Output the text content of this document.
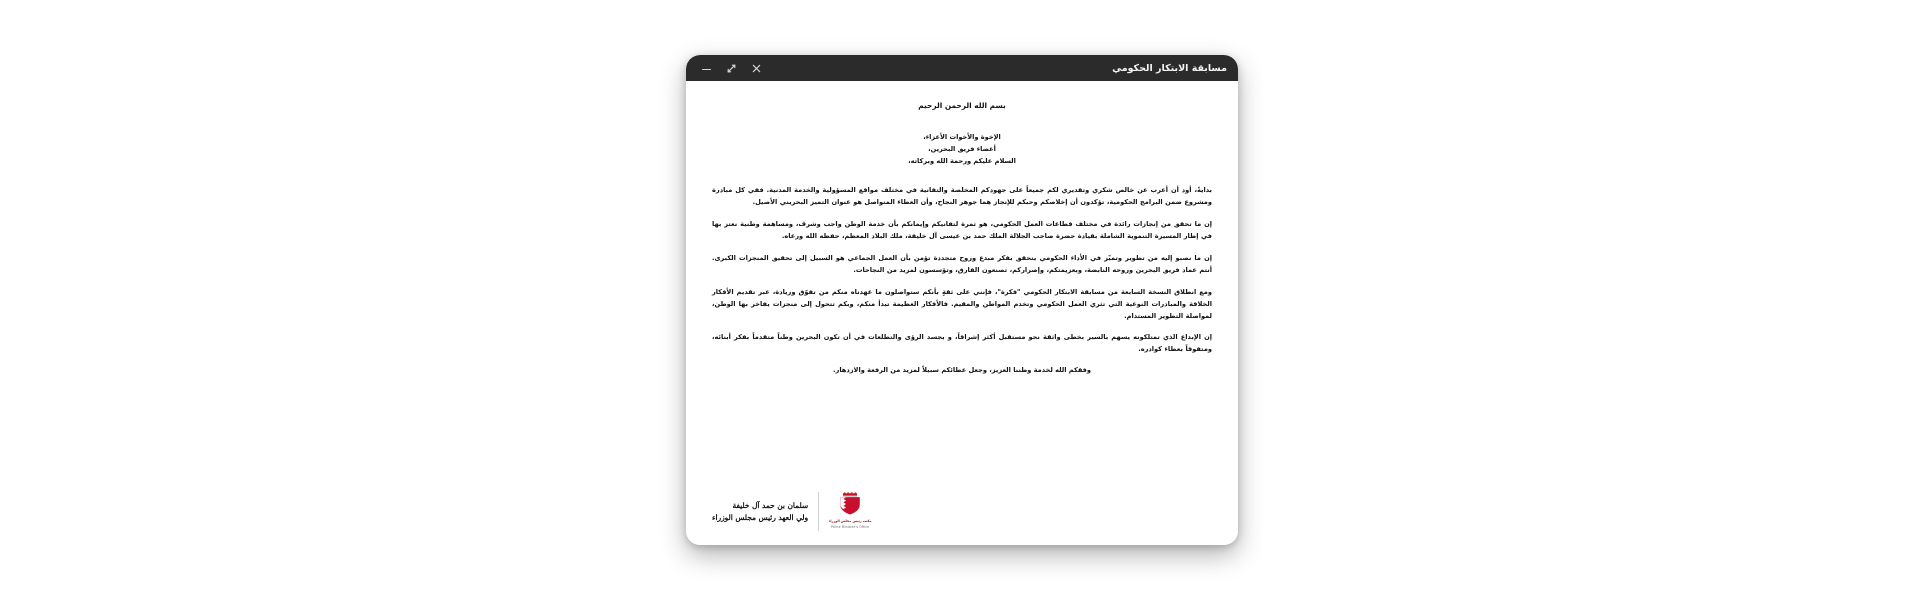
مسابقة الابتكار الحكومي
بسم الله الرحمن الرحيم
الإخوة والأخوات الأعزاء،
أعضاء فريق البحرين،
السلام عليكم ورحمة الله وبركاته،

بدايةً، أود أن أعرب عن خالص شكري وتقديري لكم جميعاً على جهودكم المخلصة والتفانية في مختلف مواقع المسؤولية والخدمة المدنية. ففي كل مبادرة ومشروع ضمن البرامج الحكومية، تؤكدون أن إخلاصكم وحبكم للإنجاز هما جوهر النجاح، وأن العطاء المتواصل هو عنوان التميز البحريني الأصيل.

إن ما تحقق من إنجازات رائدة في مختلف قطاعات العمل الحكومي، هو ثمرة لتفانيكم وإيمانكم بأن خدمة الوطن واجب وشرف، ومساهمة وطنية نعتز بها في إطار المسيرة التنموية الشاملة بقيادة حضرة صاحب الجلالة الملك حمد بن عيسى آل خليفة، ملك البلاد المعظم، حفظه الله ورعاه.

إن ما نصبو إليه من تطوير وتميّز في الأداء الحكومي يتحقق بفكر مبدع وروح متجددة تؤمن بأن العمل الجماعي هو السبيل إلى تحقيق المنجزات الكبرى. أنتم عماد فريق البحرين وروحه النابضة، وبعزيمتكم، وإصراركم، تصنعون الفارق، وتؤسسون لمزيد من النجاحات.

ومع انطلاق النسخة السابعة من مسابقة الابتكار الحكومي "فكرة"، فإنني على ثقةٍ بأنكم ستواصلون ما عهدناه منكم من تفوّق وريادة، عبر تقديم الأفكار الخلاقة والمبادرات النوعية التي تثري العمل الحكومي وتخدم المواطن والمقيم. فالأفكار العظيمة تبدأ منكم، وبكم تتحول إلى منجزات يفاخر بها الوطن، لمواصلة التطوير المستدام.

إن الإبداع الذي تمتلكونه يسهم بالسير بخطى واثقة نحو مستقبل أكثر إشراقاً، و يجسد الرؤى والتطلعات في أن تكون البحرين وطناً متقدماً بفكر أبنائه، ومتفوقاً بعطاء كوادره.

وفقكم الله لخدمة وطننا العزيز، وجعل عطائكم سبيلاً لمزيد من الرفعة والازدهار.
مكتب رئيس مجلس الوزراء
Prime Minister's Office
سلمان بن حمد آل خليفة
ولي العهد رئيس مجلس الوزراء
